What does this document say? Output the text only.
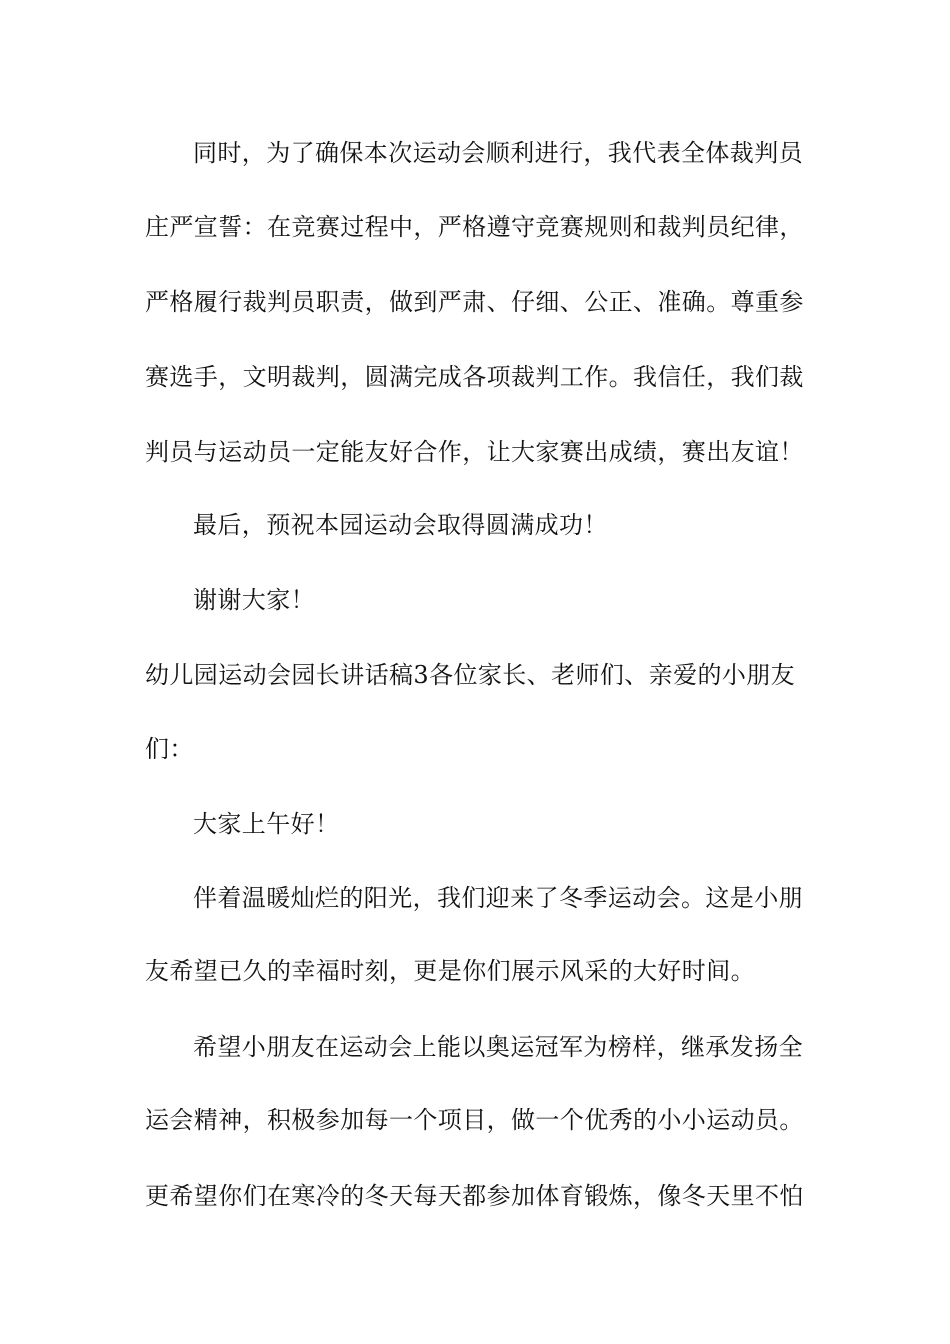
同时，为了确保本次运动会顺利进行，我代表全体裁判员
庄严宣誓：在竞赛过程中，严格遵守竞赛规则和裁判员纪律，
严格履行裁判员职责，做到严肃、仔细、公正、准确。尊重参
赛选手，文明裁判，圆满完成各项裁判工作。我信任，我们裁
判员与运动员一定能友好合作，让大家赛出成绩，赛出友谊！
最后，预祝本园运动会取得圆满成功！
谢谢大家！
幼儿园运动会园长讲话稿3各位家长、老师们、亲爱的小朋友
们：
大家上午好！
伴着温暖灿烂的阳光，我们迎来了冬季运动会。这是小朋
友希望已久的幸福时刻，更是你们展示风采的大好时间。
希望小朋友在运动会上能以奥运冠军为榜样，继承发扬全
运会精神，积极参加每一个项目，做一个优秀的小小运动员。
更希望你们在寒冷的冬天每天都参加体育锻炼，像冬天里不怕
